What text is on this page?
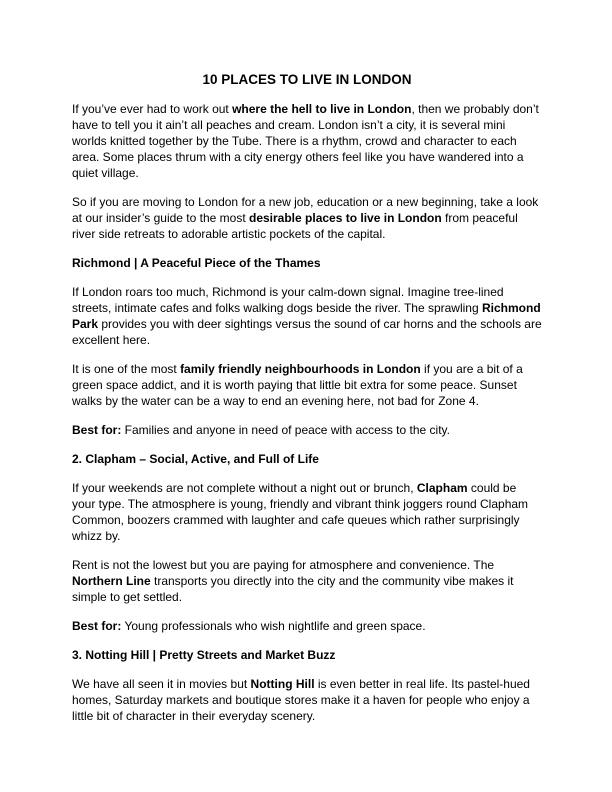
10 PLACES TO LIVE IN LONDON
If you’ve ever had to work out where the hell to live in London, then we probably don’t have to tell you it ain’t all peaches and cream. London isn’t a city, it is several mini worlds knitted together by the Tube. There is a rhythm, crowd and character to each area. Some places thrum with a city energy others feel like you have wandered into a quiet village.
So if you are moving to London for a new job, education or a new beginning, take a look at our insider’s guide to the most desirable places to live in London from peaceful river side retreats to adorable artistic pockets of the capital.
Richmond | A Peaceful Piece of the Thames
If London roars too much, Richmond is your calm-down signal. Imagine tree-lined streets, intimate cafes and folks walking dogs beside the river. The sprawling Richmond Park provides you with deer sightings versus the sound of car horns and the schools are excellent here.
It is one of the most family friendly neighbourhoods in London if you are a bit of a green space addict, and it is worth paying that little bit extra for some peace. Sunset walks by the water can be a way to end an evening here, not bad for Zone 4.
Best for: Families and anyone in need of peace with access to the city.
2. Clapham – Social, Active, and Full of Life
If your weekends are not complete without a night out or brunch, Clapham could be your type. The atmosphere is young, friendly and vibrant think joggers round Clapham Common, boozers crammed with laughter and cafe queues which rather surprisingly whizz by.
Rent is not the lowest but you are paying for atmosphere and convenience. The Northern Line transports you directly into the city and the community vibe makes it simple to get settled.
Best for: Young professionals who wish nightlife and green space.
3. Notting Hill | Pretty Streets and Market Buzz
We have all seen it in movies but Notting Hill is even better in real life. Its pastel-hued homes, Saturday markets and boutique stores make it a haven for people who enjoy a little bit of character in their everyday scenery.
